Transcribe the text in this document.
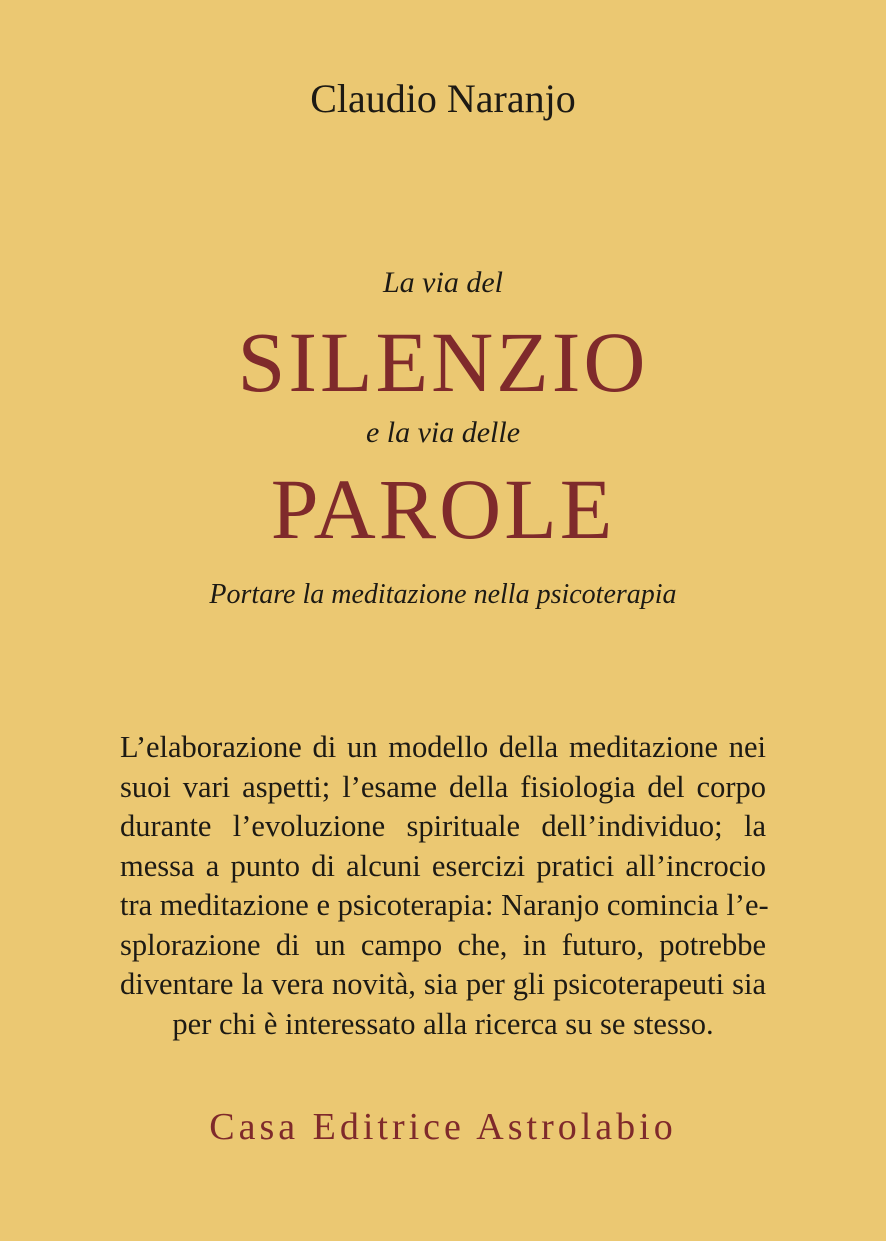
Claudio Naranjo
La via del
SILENZIO
e la via delle
PAROLE
Portare la meditazione nella psicoterapia
L’elaborazione di un modello della meditazione nei
suoi vari aspetti; l’esame della fisiologia del corpo
durante l’evoluzione spirituale dell’individuo; la
messa a punto di alcuni esercizi pratici all’incrocio
tra meditazione e psicoterapia: Naranjo comincia l’e-
splorazione di un campo che, in futuro, potrebbe
diventare la vera novità, sia per gli psicoterapeuti sia
per chi è interessato alla ricerca su se stesso.
Casa Editrice Astrolabio
